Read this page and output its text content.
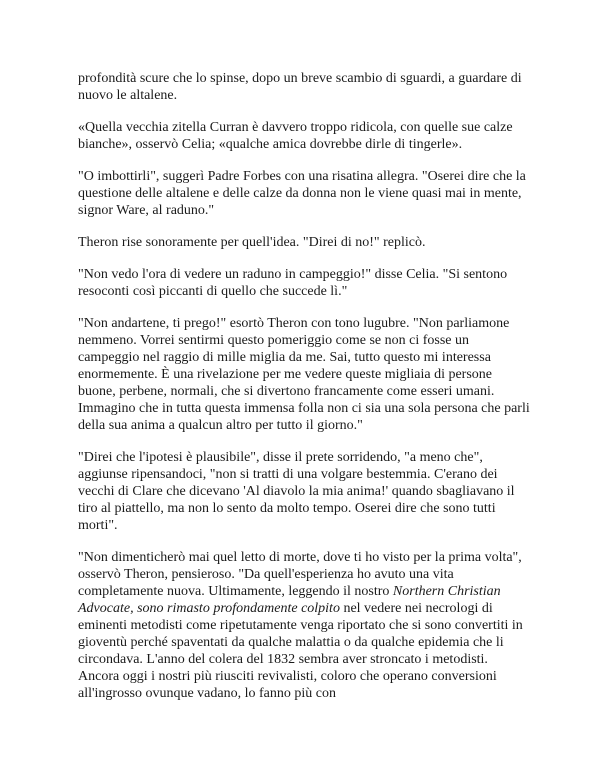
profondità scure che lo spinse, dopo un breve scambio di sguardi, a guardare di nuovo le altalene.

«Quella vecchia zitella Curran è davvero troppo ridicola, con quelle sue calze bianche», osservò Celia; «qualche amica dovrebbe dirle di tingerle».

"O imbottirli", suggerì Padre Forbes con una risatina allegra. "Oserei dire che la questione delle altalene e delle calze da donna non le viene quasi mai in mente, signor Ware, al raduno."

Theron rise sonoramente per quell'idea. "Direi di no!" replicò.

"Non vedo l'ora di vedere un raduno in campeggio!" disse Celia. "Si sentono resoconti così piccanti di quello che succede lì."

"Non andartene, ti prego!" esortò Theron con tono lugubre. "Non parliamone nemmeno. Vorrei sentirmi questo pomeriggio come se non ci fosse un campeggio nel raggio di mille miglia da me. Sai, tutto questo mi interessa enormemente. È una rivelazione per me vedere queste migliaia di persone buone, perbene, normali, che si divertono francamente come esseri umani. Immagino che in tutta questa immensa folla non ci sia una sola persona che parli della sua anima a qualcun altro per tutto il giorno."

"Direi che l'ipotesi è plausibile", disse il prete sorridendo, "a meno che", aggiunse ripensandoci, "non si tratti di una volgare bestemmia. C'erano dei vecchi di Clare che dicevano 'Al diavolo la mia anima!' quando sbagliavano il tiro al piattello, ma non lo sento da molto tempo. Oserei dire che sono tutti morti".

"Non dimenticherò mai quel letto di morte, dove ti ho visto per la prima volta", osservò Theron, pensieroso. "Da quell'esperienza ho avuto una vita completamente nuova. Ultimamente, leggendo il nostro Northern Christian Advocate, sono rimasto profondamente colpito nel vedere nei necrologi di eminenti metodisti come ripetutamente venga riportato che si sono convertiti in gioventù perché spaventati da qualche malattia o da qualche epidemia che li circondava. L'anno del colera del 1832 sembra aver stroncato i metodisti. Ancora oggi i nostri più riusciti revivalisti, coloro che operano conversioni all'ingrosso ovunque vadano, lo fanno più con
